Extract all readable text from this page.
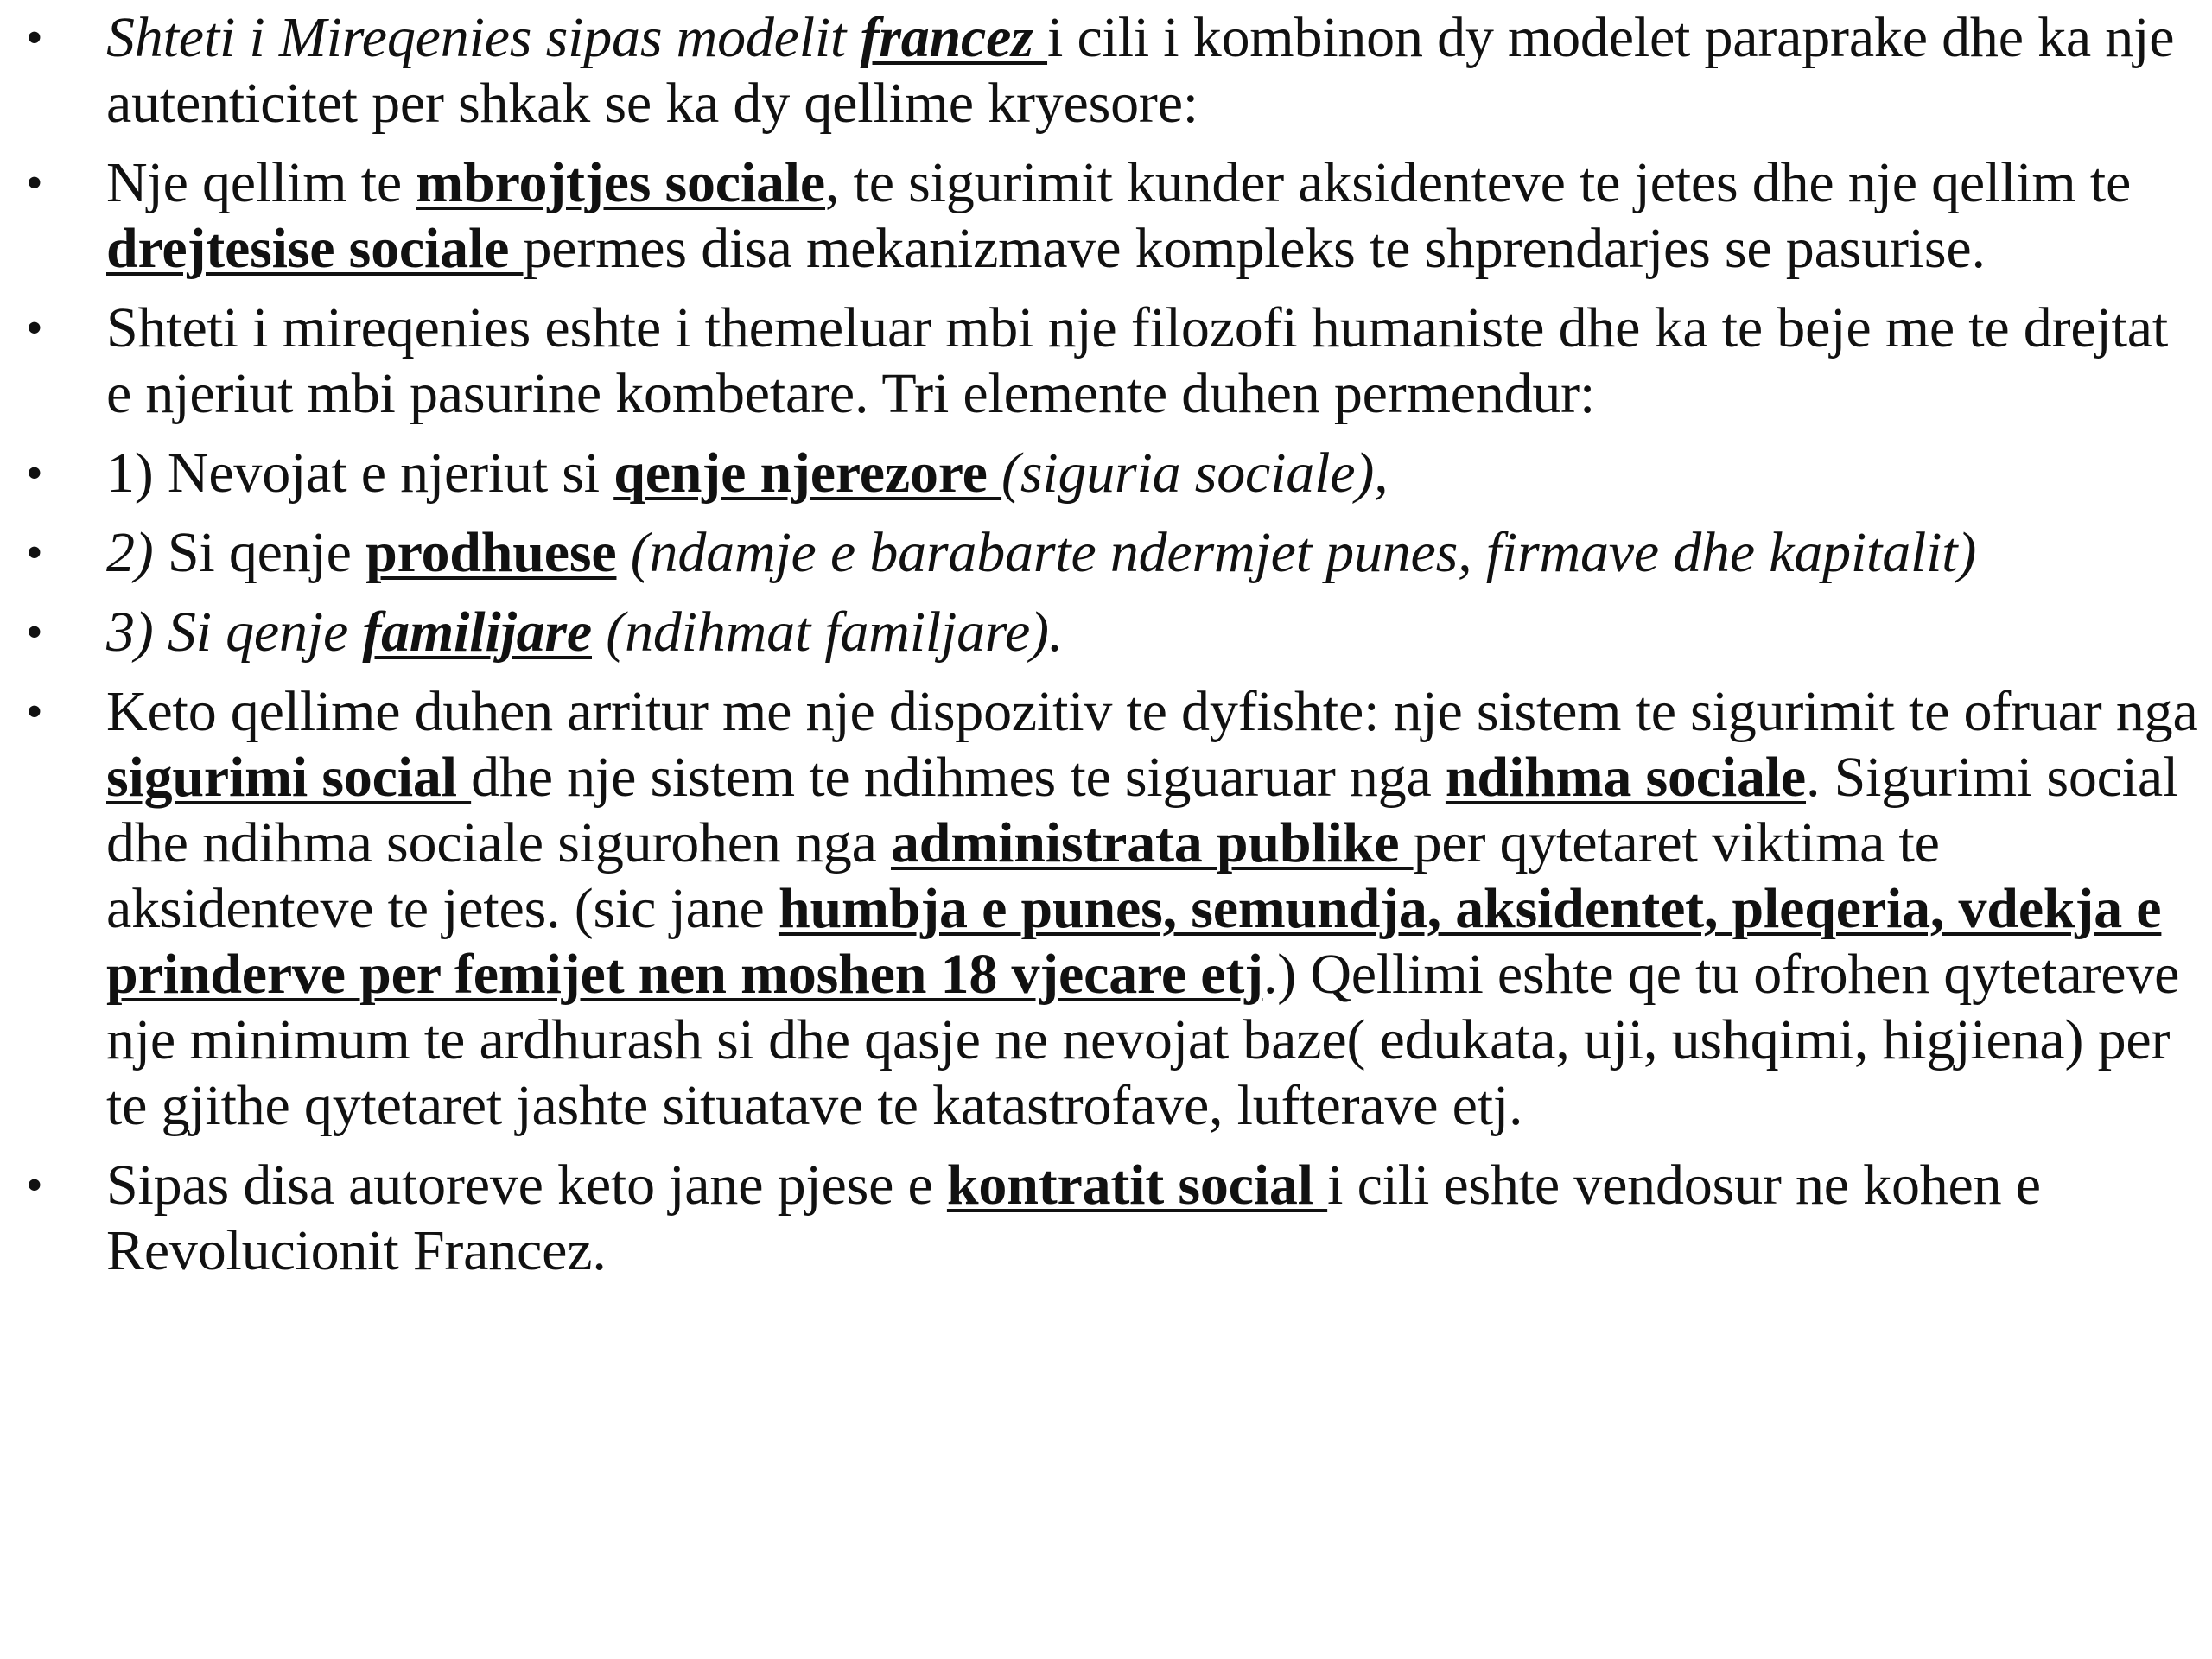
• Shteti i Mireqenies sipas modelit francez i cili i kombinon dy modelet paraprake dhe ka nje autenticitet per shkak se ka dy qellime kryesore:
• Nje qellim te mbrojtjes sociale, te sigurimit kunder aksidenteve te jetes dhe nje qellim te drejtesise sociale permes disa mekanizmave kompleks te shprendarjes se pasurise.
• Shteti i mireqenies eshte i themeluar mbi nje filozofi humaniste dhe ka te beje me te drejtat e njeriut mbi pasurine kombetare. Tri elemente duhen permendur:
• 1) Nevojat e njeriut si qenje njerezore (siguria sociale),
• 2) Si qenje prodhuese (ndamje e barabarte ndermjet punes, firmave dhe kapitalit)
• 3) Si qenje familijare (ndihmat familjare).
• Keto qellime duhen arritur me nje dispozitiv te dyfishte: nje sistem te sigurimit te ofruar nga sigurimi social dhe nje sistem te ndihmes te siguaruar nga ndihma sociale. Sigurimi social dhe ndihma sociale sigurohen nga administrata publike per qytetaret viktima te aksidenteve te jetes. (sic jane humbja e punes, semundja, aksidentet, pleqeria, vdekja e prinderve per femijet nen moshen 18 vjecare etj.) Qellimi eshte qe tu ofrohen qytetareve nje minimum te ardhurash si dhe qasje ne nevojat baze( edukata, uji, ushqimi, higjiena) per te gjithe qytetaret jashte situatave te katastrofave, lufterave etj.
• Sipas disa autoreve keto jane pjese e kontratit social i cili eshte vendosur ne kohen e Revolucionit Francez.
